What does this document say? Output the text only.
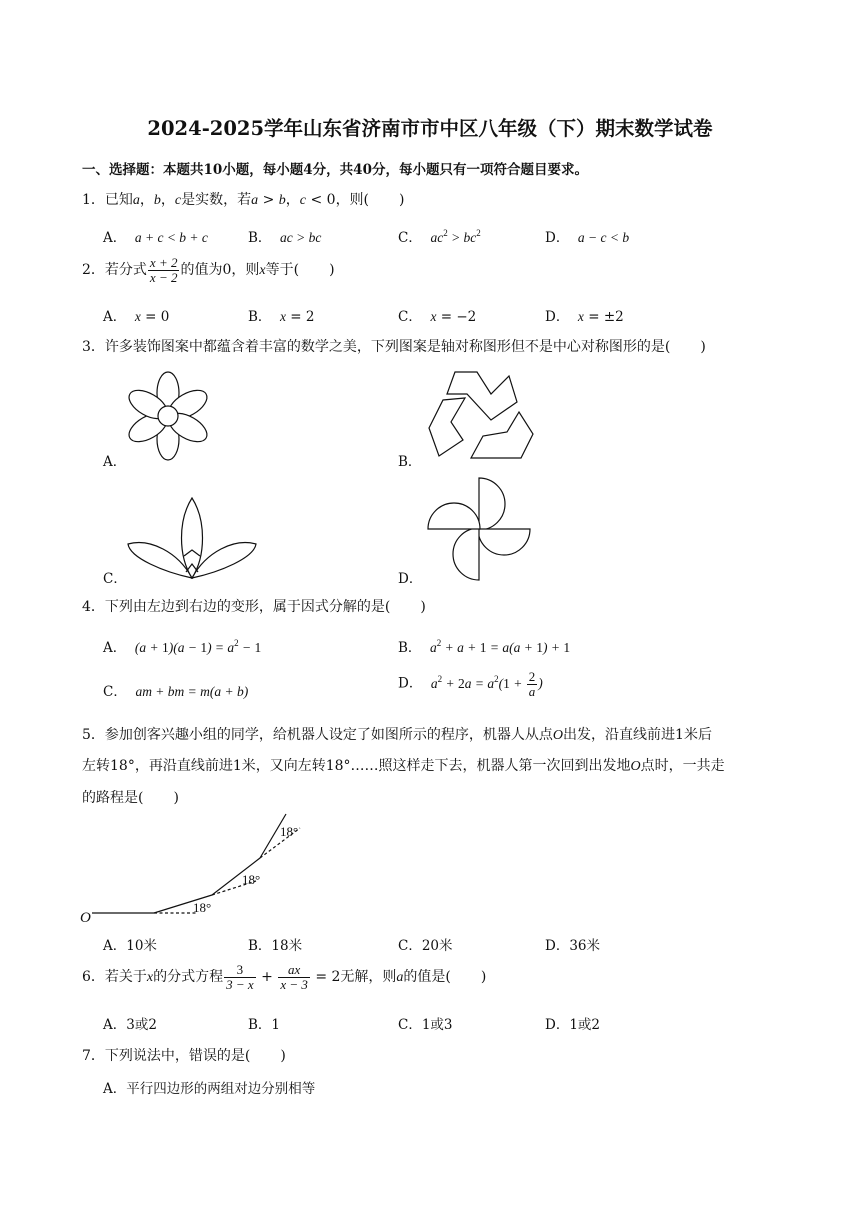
2024-2025学年山东省济南市市中区八年级（下）期末数学试卷
一、选择题：本题共10小题，每小题4分，共40分，每小题只有一项符合题目要求。
1．已知a，b，c是实数，若a > b，c < 0，则( )
A． a + c < b + c	B． ac > bc	C． $ac^2 > bc^2$	D． a − c < b
2．若分式 $\frac{x + 2}{x - 2}$ 的值为0，则x等于( )
A． x = 0	B． x = 2	C． x = −2	D． x = ±2
3．许多装饰图案中都蕴含着丰富的数学之美，下列图案是轴对称图形但不是中心对称图形的是( )
A．	B．
C．	D．
4．下列由左边到右边的变形，属于因式分解的是( )
A． $(a + 1)(a - 1) = a^2 - 1$	B． $a^2 + a + 1 = a(a + 1) + 1$
C． am + bm = m(a + b)	D． $a^2 + 2a = a^2(1 + \frac{2}{a}$ )
5．参加创客兴趣小组的同学，给机器人设定了如图所示的程序，机器人从点O出发，沿直线前进1米后
左转18°，再沿直线前进1米，又向左转18°……照这样走下去，机器人第一次回到出发地O点时，一共走
的路程是( )
O
18°
18°
18°
A．10米	B．18米	C．20米	D．36米
6．若关于x的分式方程 $\frac{3}{3 - x} + \frac{ax}{x - 3} = 2$无解，则a的值是( )
A．3或2	B．1	C．1或3	D．1或2
7．下列说法中，错误的是( )
A．平行四边形的两组对边分别相等
